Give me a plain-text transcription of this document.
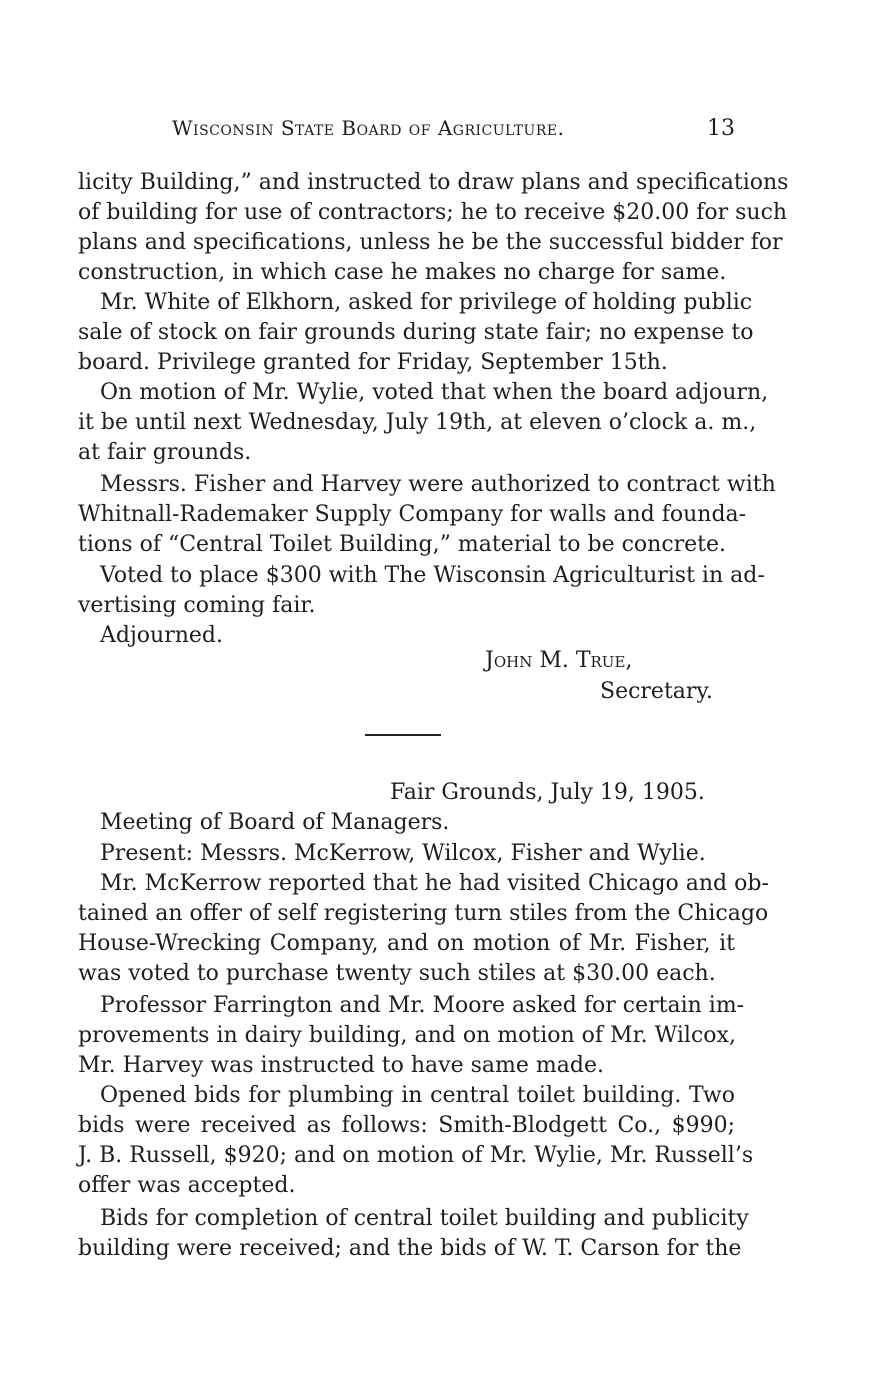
Wisconsin State Board of Agriculture.	13
licity Building,” and instructed to draw plans and specifications
of building for use of contractors; he to receive $20.00 for such
plans and specifications, unless he be the successful bidder for
construction, in which case he makes no charge for same.
Mr. White of Elkhorn, asked for privilege of holding public
sale of stock on fair grounds during state fair; no expense to
board. Privilege granted for Friday, September 15th.
On motion of Mr. Wylie, voted that when the board adjourn,
it be until next Wednesday, July 19th, at eleven o’clock a. m.,
at fair grounds.
Messrs. Fisher and Harvey were authorized to contract with
Whitnall-Rademaker Supply Company for walls and founda-
tions of “Central Toilet Building,” material to be concrete.
Voted to place $300 with The Wisconsin Agriculturist in ad-
vertising coming fair.
Adjourned.
John M. True,
Secretary.
Fair Grounds, July 19, 1905.
Meeting of Board of Managers.
Present: Messrs. McKerrow, Wilcox, Fisher and Wylie.
Mr. McKerrow reported that he had visited Chicago and ob-
tained an offer of self registering turn stiles from the Chicago
House-Wrecking Company, and on motion of Mr. Fisher, it
was voted to purchase twenty such stiles at $30.00 each.
Professor Farrington and Mr. Moore asked for certain im-
provements in dairy building, and on motion of Mr. Wilcox,
Mr. Harvey was instructed to have same made.
Opened bids for plumbing in central toilet building. Two
bids were received as follows: Smith-Blodgett Co., $990;
J. B. Russell, $920; and on motion of Mr. Wylie, Mr. Russell’s
offer was accepted.
Bids for completion of central toilet building and publicity
building were received; and the bids of W. T. Carson for the
